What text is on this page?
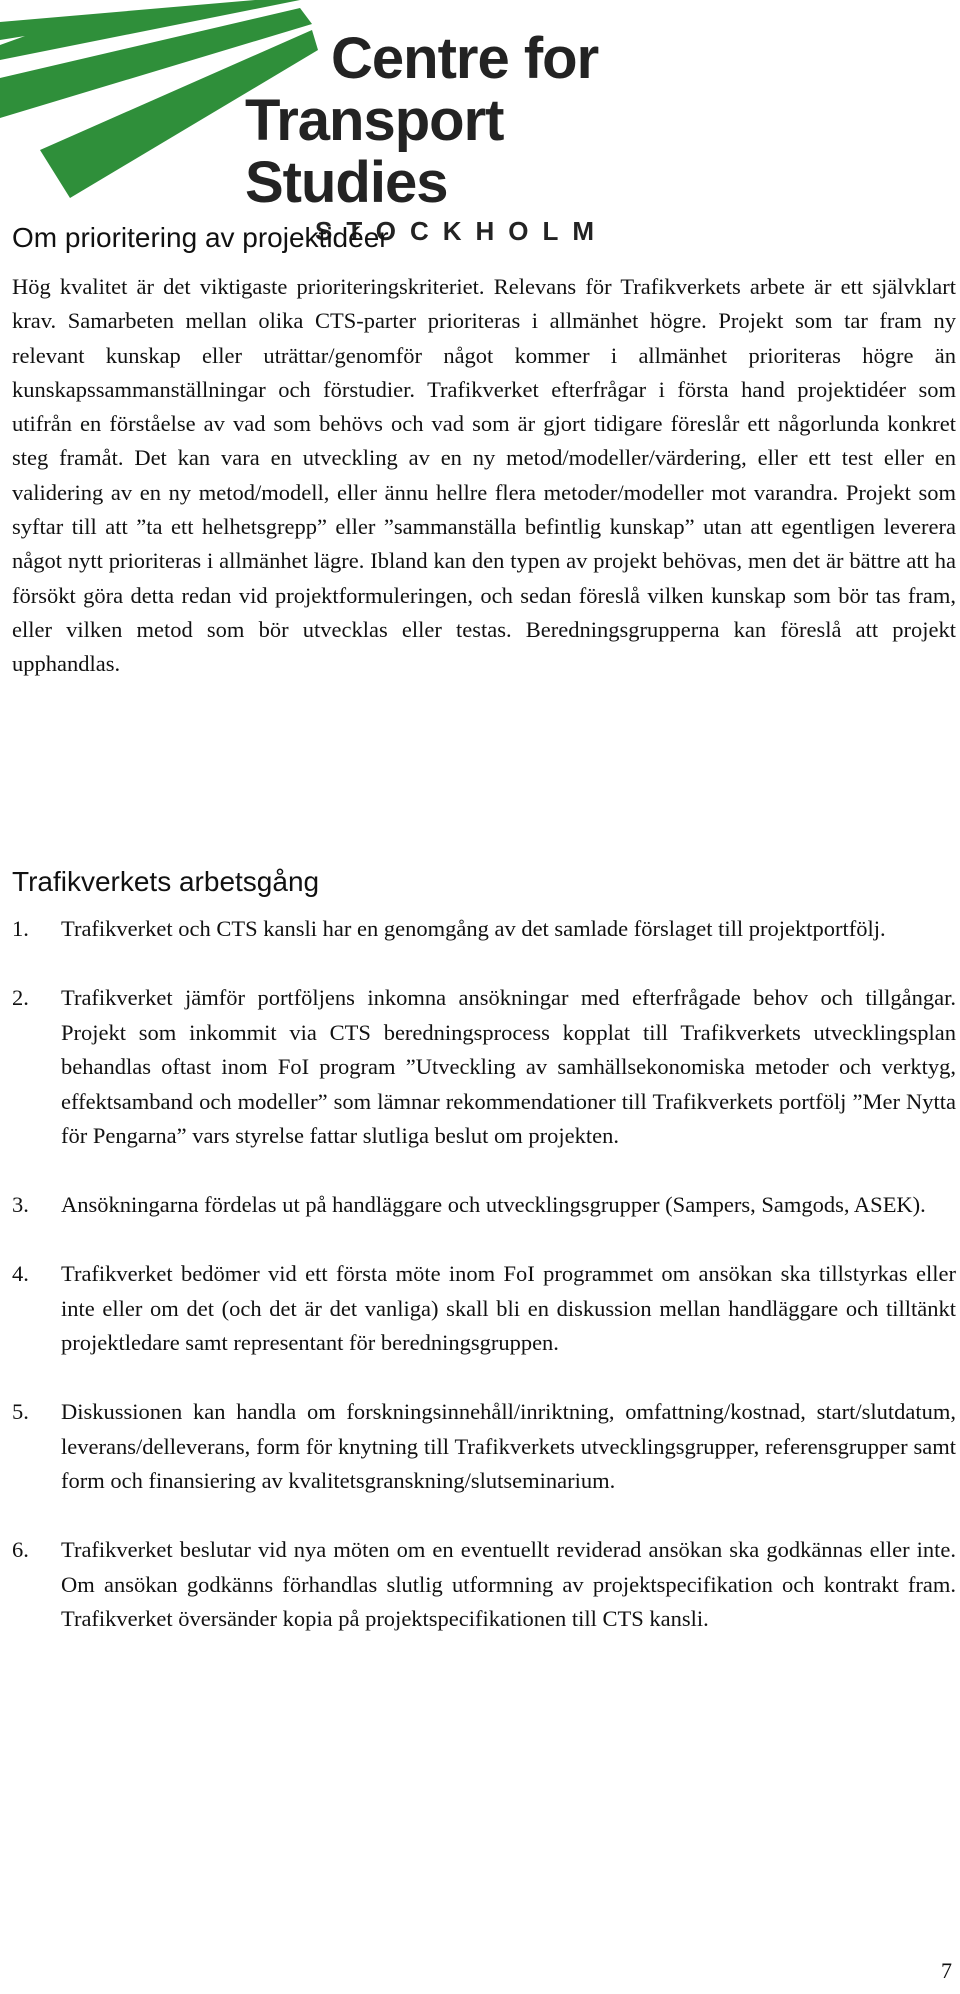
Centre for
Transport Studies
STOCKHOLM
Om prioritering av projektidéer

Hög kvalitet är det viktigaste prioriteringskriteriet. Relevans för Trafikverkets arbete är ett självklart krav. Samarbeten mellan olika CTS-parter prioriteras i allmänhet högre. Projekt som tar fram ny relevant kunskap eller uträttar/genomför något kommer i allmänhet prioriteras högre än kunskapssammanställningar och förstudier. Trafikverket efterfrågar i första hand projektidéer som utifrån en förståelse av vad som behövs och vad som är gjort tidigare föreslår ett någorlunda konkret steg framåt. Det kan vara en utveckling av en ny metod/modeller/värdering, eller ett test eller en validering av en ny metod/modell, eller ännu hellre flera metoder/modeller mot varandra. Projekt som syftar till att ”ta ett helhetsgrepp” eller ”sammanställa befintlig kunskap” utan att egentligen leverera något nytt prioriteras i allmänhet lägre. Ibland kan den typen av projekt behövas, men det är bättre att ha försökt göra detta redan vid projektformuleringen, och sedan föreslå vilken kunskap som bör tas fram, eller vilken metod som bör utvecklas eller testas. Beredningsgrupperna kan föreslå att projekt upphandlas.

Trafikverkets arbetsgång
1. Trafikverket och CTS kansli har en genomgång av det samlade förslaget till projektportfölj.
2. Trafikverket jämför portföljens inkomna ansökningar med efterfrågade behov och tillgångar. Projekt som inkommit via CTS beredningsprocess kopplat till Trafikverkets utvecklingsplan behandlas oftast inom FoI program ”Utveckling av samhällsekonomiska metoder och verktyg, effektsamband och modeller” som lämnar rekommendationer till Trafikverkets portfölj ”Mer Nytta för Pengarna” vars styrelse fattar slutliga beslut om projekten.
3. Ansökningarna fördelas ut på handläggare och utvecklingsgrupper (Sampers, Samgods, ASEK).
4. Trafikverket bedömer vid ett första möte inom FoI programmet om ansökan ska tillstyrkas eller inte eller om det (och det är det vanliga) skall bli en diskussion mellan handläggare och tilltänkt projektledare samt representant för beredningsgruppen.
5. Diskussionen kan handla om forskningsinnehåll/inriktning, omfattning/kostnad, start/slutdatum, leverans/delleverans, form för knytning till Trafikverkets utvecklingsgrupper, referensgrupper samt form och finansiering av kvalitetsgranskning/slutseminarium.
6. Trafikverket beslutar vid nya möten om en eventuellt reviderad ansökan ska godkännas eller inte. Om ansökan godkänns förhandlas slutlig utformning av projektspecifikation och kontrakt fram. Trafikverket översänder kopia på projektspecifikationen till CTS kansli.
7
